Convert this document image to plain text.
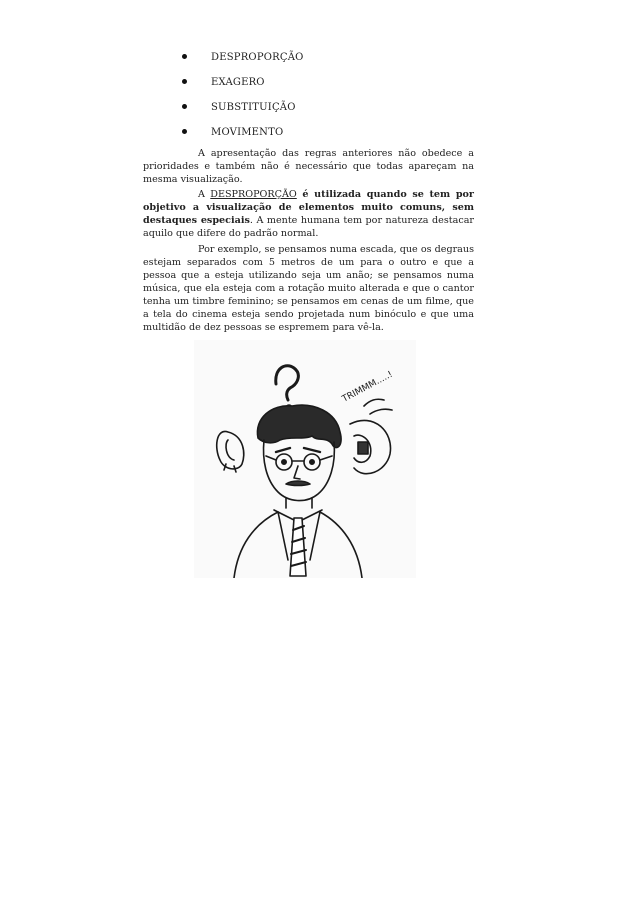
DESPROPORÇÃO
EXAGERO
SUBSTITUIÇÃO
MOVIMENTO

A apresentação das regras anteriores não obedece a prioridades e também não é necessário que todas apareçam na mesma visualização.

A DESPROPORÇÃO é utilizada quando se tem por objetivo a visualização de elementos muito comuns, sem destaques especiais. A mente humana tem por natureza destacar aquilo que difere do padrão normal.

Por exemplo, se pensamos numa escada, que os degraus estejam separados com 5 metros de um para o outro e que a pessoa que a esteja utilizando seja um anão; se pensamos numa música, que ela esteja com a rotação muito alterada e que o cantor tenha um timbre feminino; se pensamos em cenas de um filme, que a tela do cinema esteja sendo projetada num binóculo e que uma multidão de dez pessoas se espremem para vê-la.

TRIMMM.....!
